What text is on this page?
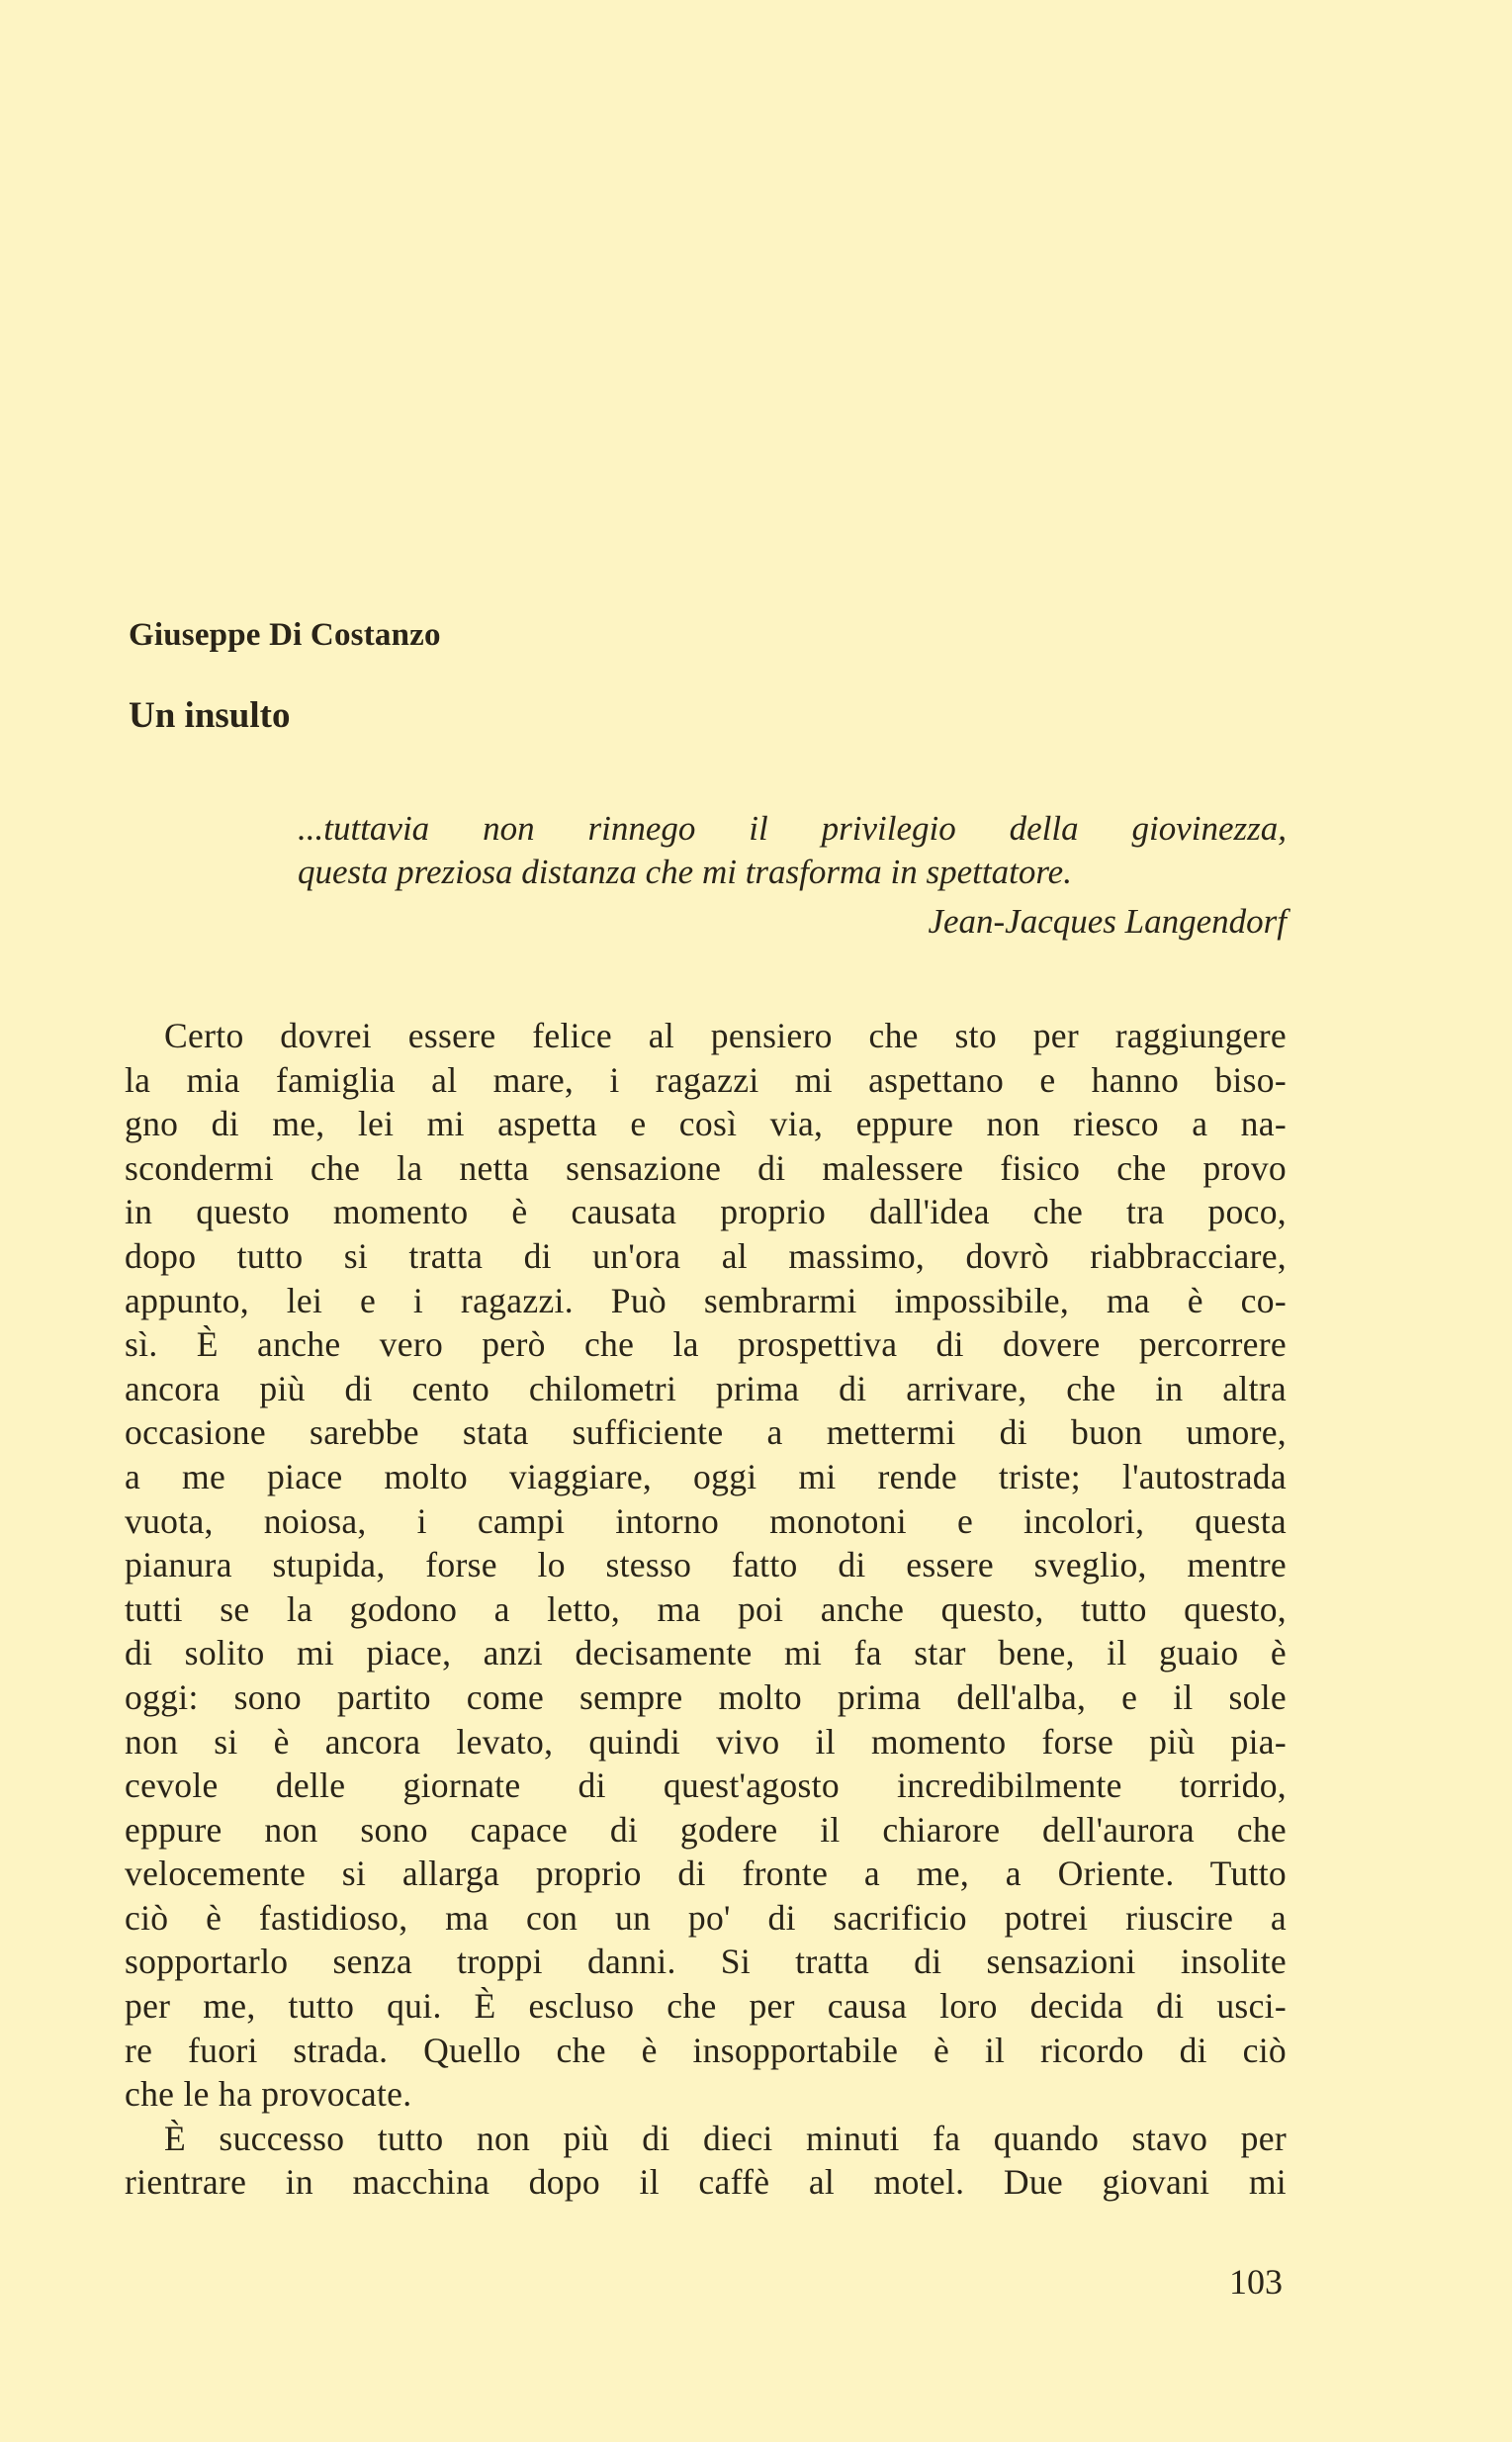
Giuseppe Di Costanzo
Un insulto
...tuttavia non rinnego il privilegio della giovinezza,
questa preziosa distanza che mi trasforma in spettatore.
Jean-Jacques Langendorf
Certo dovrei essere felice al pensiero che sto per raggiungere
la mia famiglia al mare, i ragazzi mi aspettano e hanno biso-
gno di me, lei mi aspetta e così via, eppure non riesco a na-
scondermi che la netta sensazione di malessere fisico che provo
in questo momento è causata proprio dall'idea che tra poco,
dopo tutto si tratta di un'ora al massimo, dovrò riabbracciare,
appunto, lei e i ragazzi. Può sembrarmi impossibile, ma è co-
sì. È anche vero però che la prospettiva di dovere percorrere
ancora più di cento chilometri prima di arrivare, che in altra
occasione sarebbe stata sufficiente a mettermi di buon umore,
a me piace molto viaggiare, oggi mi rende triste; l'autostrada
vuota, noiosa, i campi intorno monotoni e incolori, questa
pianura stupida, forse lo stesso fatto di essere sveglio, mentre
tutti se la godono a letto, ma poi anche questo, tutto questo,
di solito mi piace, anzi decisamente mi fa star bene, il guaio è
oggi: sono partito come sempre molto prima dell'alba, e il sole
non si è ancora levato, quindi vivo il momento forse più pia-
cevole delle giornate di quest'agosto incredibilmente torrido,
eppure non sono capace di godere il chiarore dell'aurora che
velocemente si allarga proprio di fronte a me, a Oriente. Tutto
ciò è fastidioso, ma con un po' di sacrificio potrei riuscire a
sopportarlo senza troppi danni. Si tratta di sensazioni insolite
per me, tutto qui. È escluso che per causa loro decida di usci-
re fuori strada. Quello che è insopportabile è il ricordo di ciò
che le ha provocate.
È successo tutto non più di dieci minuti fa quando stavo per
rientrare in macchina dopo il caffè al motel. Due giovani mi
103
